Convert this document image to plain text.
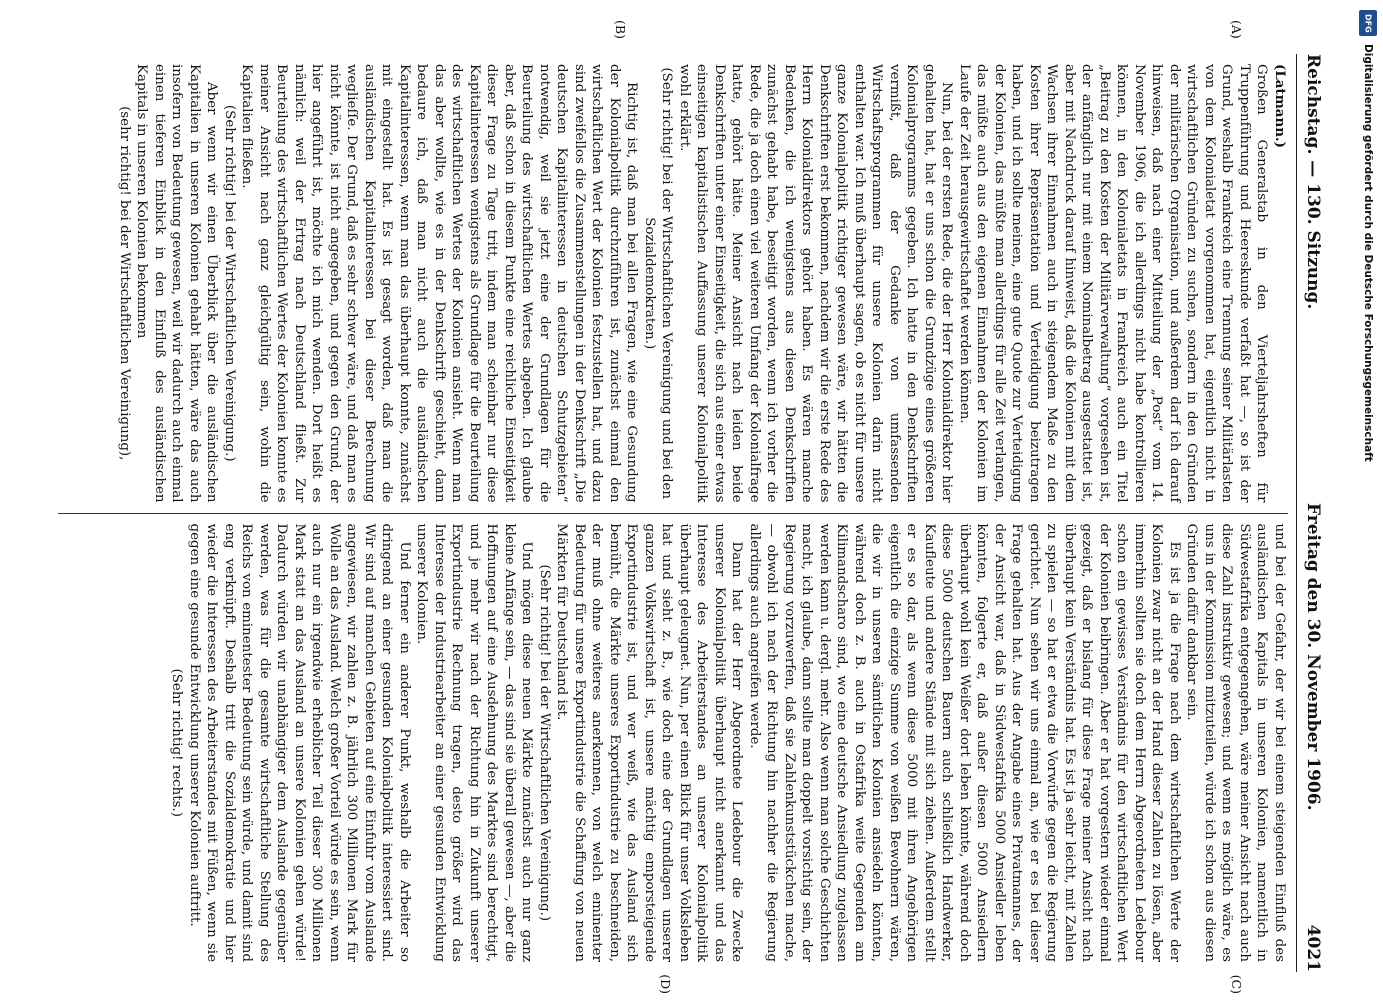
Reichstag. — 130. Sitzung.
Freitag den 30. November 1906.
4021
(A)
(B)
(C)
(D)

(Latmann.)

Großen Generalstab in den Vierteljahrsheften für Truppenführung und Heereskunde verfaßt hat —, so ist der Grund, weshalb Frankreich eine Trennung seiner Militärlasten von dem Kolonialetat vorgenommen hat, eigentlich nicht in wirtschaftlichen Gründen zu suchen, sondern in den Gründen der militärischen Organisation, und außerdem darf ich darauf hinweisen, daß nach einer Mitteilung der „Post“ vom 14. November 1906, die ich allerdings nicht habe kontrollieren können, in den Kolonialetats in Frankreich auch ein Titel „Beitrag zu den Kosten der Militärverwaltung“ vorgesehen ist, der anfänglich nur mit einem Nominalbetrag ausgestattet ist, aber mit Nachdruck darauf hinweist, daß die Kolonien mit dem Wachsen ihrer Einnahmen auch in steigendem Maße zu den Kosten ihrer Repräsentation und Verteidigung beizutragen haben, und ich sollte meinen, eine gute Quote zur Verteidigung der Kolonien, das müßte man allerdings für alle Zeit verlangen, das müßte auch aus den eigenen Einnahmen der Kolonien im Laufe der Zeit herausgewirtschaftet werden können.

Nun, bei der ersten Rede, die der Herr Kolonialdirektor hier gehalten hat, hat er uns schon die Grundzüge eines größeren Kolonialprogramms gegeben. Ich hatte in den Denkschriften vermißt, daß der Gedanke von umfassenden Wirtschaftsprogrammen für unsere Kolonien darin nicht enthalten war. Ich muß überhaupt sagen, ob es nicht für unsere ganze Kolonialpolitik richtiger gewesen wäre, wir hätten die Denkschriften erst bekommen, nachdem wir die erste Rede des Herrn Kolonialdirektors gehört haben. Es wären manche Bedenken, die ich wenigstens aus diesen Denkschriften zunächst gehabt habe, beseitigt worden, wenn ich vorher die Rede, die ja doch einen viel weiteren Umfang der Kolonialfrage hatte, gehört hätte. Meiner Ansicht nach leiden beide Denkschriften unter einer Einseitigkeit, die sich aus einer etwas einseitigen kapitalistischen Auffassung unserer Kolonialpolitik wohl erklärt.

(Sehr richtig! bei der Wirtschaftlichen Vereinigung und bei den Sozialdemokraten.)

Richtig ist, daß man bei allen Fragen, wie eine Gesundung der Kolonialpolitik durchzuführen ist, zunächst einmal den wirtschaftlichen Wert der Kolonien festzustellen hat, und dazu sind zweifellos die Zusammenstellungen in der Denkschrift „Die deutschen Kapitalinteressen in deutschen Schutzgebieten“ notwendig, weil sie jetzt eine der Grundlagen für die Beurteilung des wirtschaftlichen Wertes abgeben. Ich glaube aber, daß schon in diesem Punkte eine reichliche Einseitigkeit dieser Frage zu Tage tritt, indem man scheinbar nur diese Kapitalinteressen wenigstens als Grundlage für die Beurteilung des wirtschaftlichen Wertes der Kolonien ansieht. Wenn man das aber wollte, wie es in der Denkschrift geschieht, dann bedaure ich, daß man nicht auch die ausländischen Kapitalinteressen, wenn man das überhaupt konnte, zunächst mit eingestellt hat. Es ist gesagt worden, daß man die ausländischen Kapitalinteressen bei dieser Berechnung weglieſſe. Der Grund, daß es sehr schwer wäre, und daß man es nicht könnte, ist nicht angegeben, und gegen den Grund, der hier angeführt ist, möchte ich mich wenden. Dort heißt es nämlich: weil der Ertrag nach Deutschland fließt. Zur Beurteilung des wirtschaftlichen Wertes der Kolonien konnte es meiner Ansicht nach ganz gleichgültig sein, wohin die Kapitalien fließen.

(Sehr richtig! bei der Wirtschaftlichen Vereinigung.)

Aber wenn wir einen Überblick über die ausländischen Kapitalien in unseren Kolonien gehabt hätten, wäre das auch insofern von Bedeutung gewesen, weil wir dadurch auch einmal einen tieferen Einblick in den Einfluß des ausländischen Kapitals in unseren Kolonien bekommen

(sehr richtig! bei der Wirtschaftlichen Vereinigung),

und bei der Gefahr, der wir bei einem steigenden Einfluß des ausländischen Kapitals in unseren Kolonien, namentlich in Südwestafrika entgegengehen, wäre meiner Ansicht nach auch diese Zahl instruktiv gewesen; und wenn es möglich wäre, es uns in der Kommission mitzuteilen, würde ich schon aus diesen Gründen dafür dankbar sein.

Es ist ja die Frage nach dem wirtschaftlichen Werte der Kolonien zwar nicht an der Hand dieser Zahlen zu lösen, aber immerhin sollten sie doch dem Herrn Abgeordneten Ledebour schon ein gewisses Verständnis für den wirtschaftlichen Wert der Kolonien beibringen. Aber er hat vorgestern wieder einmal gezeigt, daß er bislang für diese Frage meiner Ansicht nach überhaupt kein Verständnis hat. Es ist ja sehr leicht, mit Zahlen zu spielen — so hat er etwa die Vorwürfe gegen die Regierung gerichtet. Nun sehen wir uns einmal an, wie er es bei dieser Frage gehalten hat. Aus der Angabe eines Privatmannes, der der Ansicht war, daß in Südwestafrika 5000 Ansiedler leben könnten, folgerte er, daß außer diesen 5000 Ansiedlern überhaupt wohl kein Weißer dort leben könnte, während doch diese 5000 deutschen Bauern auch schließlich Handwerker, Kaufleute und andere Stände mit sich ziehen. Außerdem stellt er es so dar, als wenn diese 5000 mit ihren Angehörigen eigentlich die einzige Summe von weißen Bewohnern wären, die wir in unseren sämtlichen Kolonien ansiedeln könnten, während doch z. B. auch in Ostafrika weite Gegenden am Kilimandscharo sind, wo eine deutsche Ansiedlung zugelassen werden kann u. dergl. mehr. Also wenn man solche Geschichten macht, ich glaube, dann sollte man doppelt vorsichtig sein, der Regierung vorzuwerfen, daß sie Zahlenkunststückchen mache, — obwohl ich nach der Richtung hin nachher die Regierung allerdings auch angreifen werde.

Dann hat der Herr Abgeordnete Ledebour die Zwecke unserer Kolonialpolitik überhaupt nicht anerkannt und das Interesse des Arbeiterstandes an unserer Kolonialpolitik überhaupt geleugnet. Nun, per einen Blick für unser Volksleben hat und sieht z. B., wie doch eine der Grundlagen unserer ganzen Volkswirtschaft ist, unsere mächtig emporsteigende Exportindustrie ist, und wer weiß, wie das Ausland sich bemüht, die Märkte unseres Exportindustrie zu beschneiden, der muß ohne weiteres anerkennen, von welch eminenter Bedeutung für unsere Exportindustrie die Schaffung von neuen Märkten für Deutschland ist.

(Sehr richtig! bei der Wirtschaftlichen Vereinigung.)

Und mögen diese neuen Märkte zunächst auch nur ganz kleine Anfänge sein, — das sind sie überall gewesen —, aber die Hoffnungen auf eine Ausdehnung des Marktes sind berechtigt, und je mehr wir nach der Richtung hin in Zukunft unserer Exportindustrie Rechnung tragen, desto größer wird das Interesse der Industriearbeiter an einer gesunden Entwicklung unserer Kolonien.

Und ferner ein anderer Punkt, weshalb die Arbeiter so dringend an einer gesunden Kolonialpolitik interessiert sind. Wir sind auf manchen Gebieten auf eine Einfuhr vom Auslande angewiesen, wir zahlen z. B. jährlich 300 Millionen Mark für Wolle an das Ausland. Welch großer Vorteil würde es sein, wenn auch nur ein irgendwie erheblicher Teil dieser 300 Millionen Mark statt an das Ausland an unsere Kolonien gehen würde! Dadurch würden wir unabhängiger dem Auslande gegenüber werden, was für die gesamte wirtschaftliche Stellung des Reichs von eminentester Bedeutung sein würde, und damit sind eng verknüpft. Deshalb tritt die Sozialdemokratie und hier wieder die Interessen des Arbeiterstandes mit Füßen, wenn sie gegen eine gesunde Entwicklung unserer Kolonien auftritt.

(Sehr richtig! rechts.)

DFG
Digitalisierung gefördert durch die Deutsche Forschungsgemeinschaft
